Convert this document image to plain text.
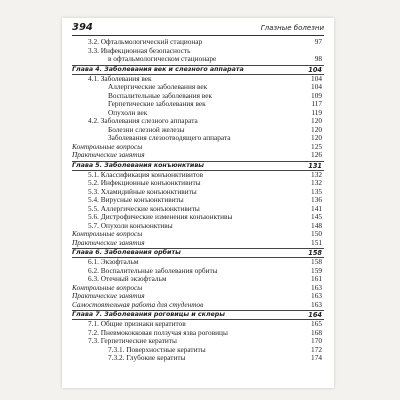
394	Глазные болезни
3.2. Офтальмологический стационар	97
3.3. Инфекционная безопасность
в офтальмологическом стационаре	98
Глава 4. Заболевания век и слезного аппарата	104
4.1. Заболевания век	104
Аллергические заболевания век	104
Воспалительные заболевания век	109
Герпетические заболевания век	117
Опухоли век	119
4.2. Заболевания слезного аппарата	120
Болезни слезной железы	120
Заболевания слезоотводящего аппарата	120
Контрольные вопросы	125
Практические занятия	126
Глава 5. Заболевания конъюнктивы	131
5.1. Классификация конъюнктивитов	132
5.2. Инфекционные конъюнктивиты	132
5.3. Хламидийные конъюнктивиты	135
5.4. Вирусные конъюнктивиты	136
5.5. Аллергические конъюнктивиты	141
5.6. Дистрофические изменения конъюнктивы	145
5.7. Опухоли конъюнктивы	148
Контрольные вопросы	150
Практические занятия	151
Глава 6. Заболевания орбиты	158
6.1. Экзофтальм	158
6.2. Воспалительные заболевания орбиты	159
6.3. Отечный экзофтальм	161
Контрольные вопросы	163
Практические занятия	163
Самостоятельная работа для студентов	163
Глава 7. Заболевания роговицы и склеры	164
7.1. Общие признаки кератитов	165
7.2. Пневмококковая ползучая язва роговицы	168
7.3. Герпетические кератиты	170
7.3.1. Поверхностные кератиты	172
7.3.2. Глубокие кератиты	174
